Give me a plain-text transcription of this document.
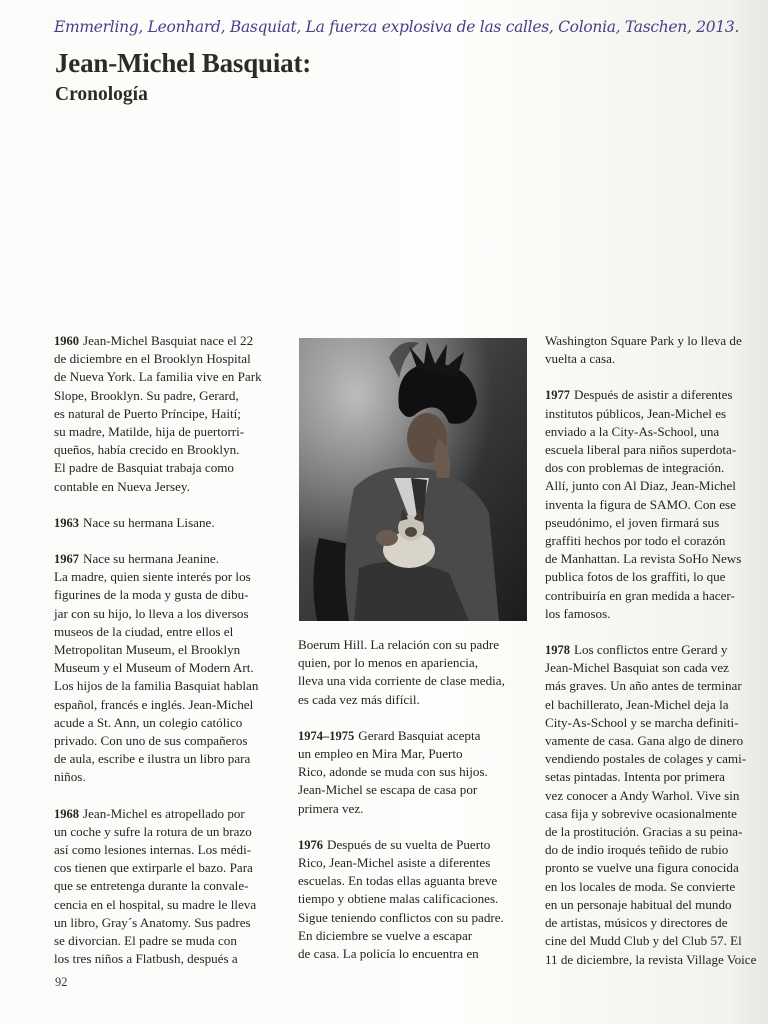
Emmerling, Leonhard, Basquiat, La fuerza explosiva de las calles, Colonia, Taschen, 2013.
Jean-Michel Basquiat:
Cronología
1960 Jean-Michel Basquiat nace el 22
de diciembre en el Brooklyn Hospital
de Nueva York. La familia vive en Park
Slope, Brooklyn. Su padre, Gerard,
es natural de Puerto Príncipe, Haití;
su madre, Matilde, hija de puertorri-
queños, había crecido en Brooklyn.
El padre de Basquiat trabaja como
contable en Nueva Jersey.
1963 Nace su hermana Lisane.
1967 Nace su hermana Jeanine.
La madre, quien siente interés por los
figurines de la moda y gusta de dibu-
jar con su hijo, lo lleva a los diversos
museos de la ciudad, entre ellos el
Metropolitan Museum, el Brooklyn
Museum y el Museum of Modern Art.
Los hijos de la familia Basquiat hablan
español, francés e inglés. Jean-Michel
acude a St. Ann, un colegio católico
privado. Con uno de sus compañeros
de aula, escribe e ilustra un libro para
niños.
1968 Jean-Michel es atropellado por
un coche y sufre la rotura de un brazo
así como lesiones internas. Los médi-
cos tienen que extirparle el bazo. Para
que se entretenga durante la convale-
cencia en el hospital, su madre le lleva
un libro, Gray´s Anatomy. Sus padres
se divorcian. El padre se muda con
los tres niños a Flatbush, después a
Boerum Hill. La relación con su padre
quien, por lo menos en apariencia,
lleva una vida corriente de clase media,
es cada vez más difícil.
1974–1975 Gerard Basquiat acepta
un empleo en Mira Mar, Puerto
Rico, adonde se muda con sus hijos.
Jean-Michel se escapa de casa por
primera vez.
1976 Después de su vuelta de Puerto
Rico, Jean-Michel asiste a diferentes
escuelas. En todas ellas aguanta breve
tiempo y obtiene malas calificaciones.
Sigue teniendo conflictos con su padre.
En diciembre se vuelve a escapar
de casa. La policía lo encuentra en
Washington Square Park y lo lleva de
vuelta a casa.
1977 Después de asistir a diferentes
institutos públicos, Jean-Michel es
enviado a la City-As-School, una
escuela liberal para niños superdota-
dos con problemas de integración.
Allí, junto con Al Diaz, Jean-Michel
inventa la figura de SAMO. Con ese
pseudónimo, el joven firmará sus
graffiti hechos por todo el corazón
de Manhattan. La revista SoHo News
publica fotos de los graffiti, lo que
contribuiría en gran medida a hacer-
los famosos.
1978 Los conflictos entre Gerard y
Jean-Michel Basquiat son cada vez
más graves. Un año antes de terminar
el bachillerato, Jean-Michel deja la
City-As-School y se marcha definiti-
vamente de casa. Gana algo de dinero
vendiendo postales de colages y cami-
setas pintadas. Intenta por primera
vez conocer a Andy Warhol. Vive sin
casa fija y sobrevive ocasionalmente
de la prostitución. Gracias a su peina-
do de indio iroqués teñido de rubio
pronto se vuelve una figura conocida
en los locales de moda. Se convierte
en un personaje habitual del mundo
de artistas, músicos y directores de
cine del Mudd Club y del Club 57. El
11 de diciembre, la revista Village Voice
92
